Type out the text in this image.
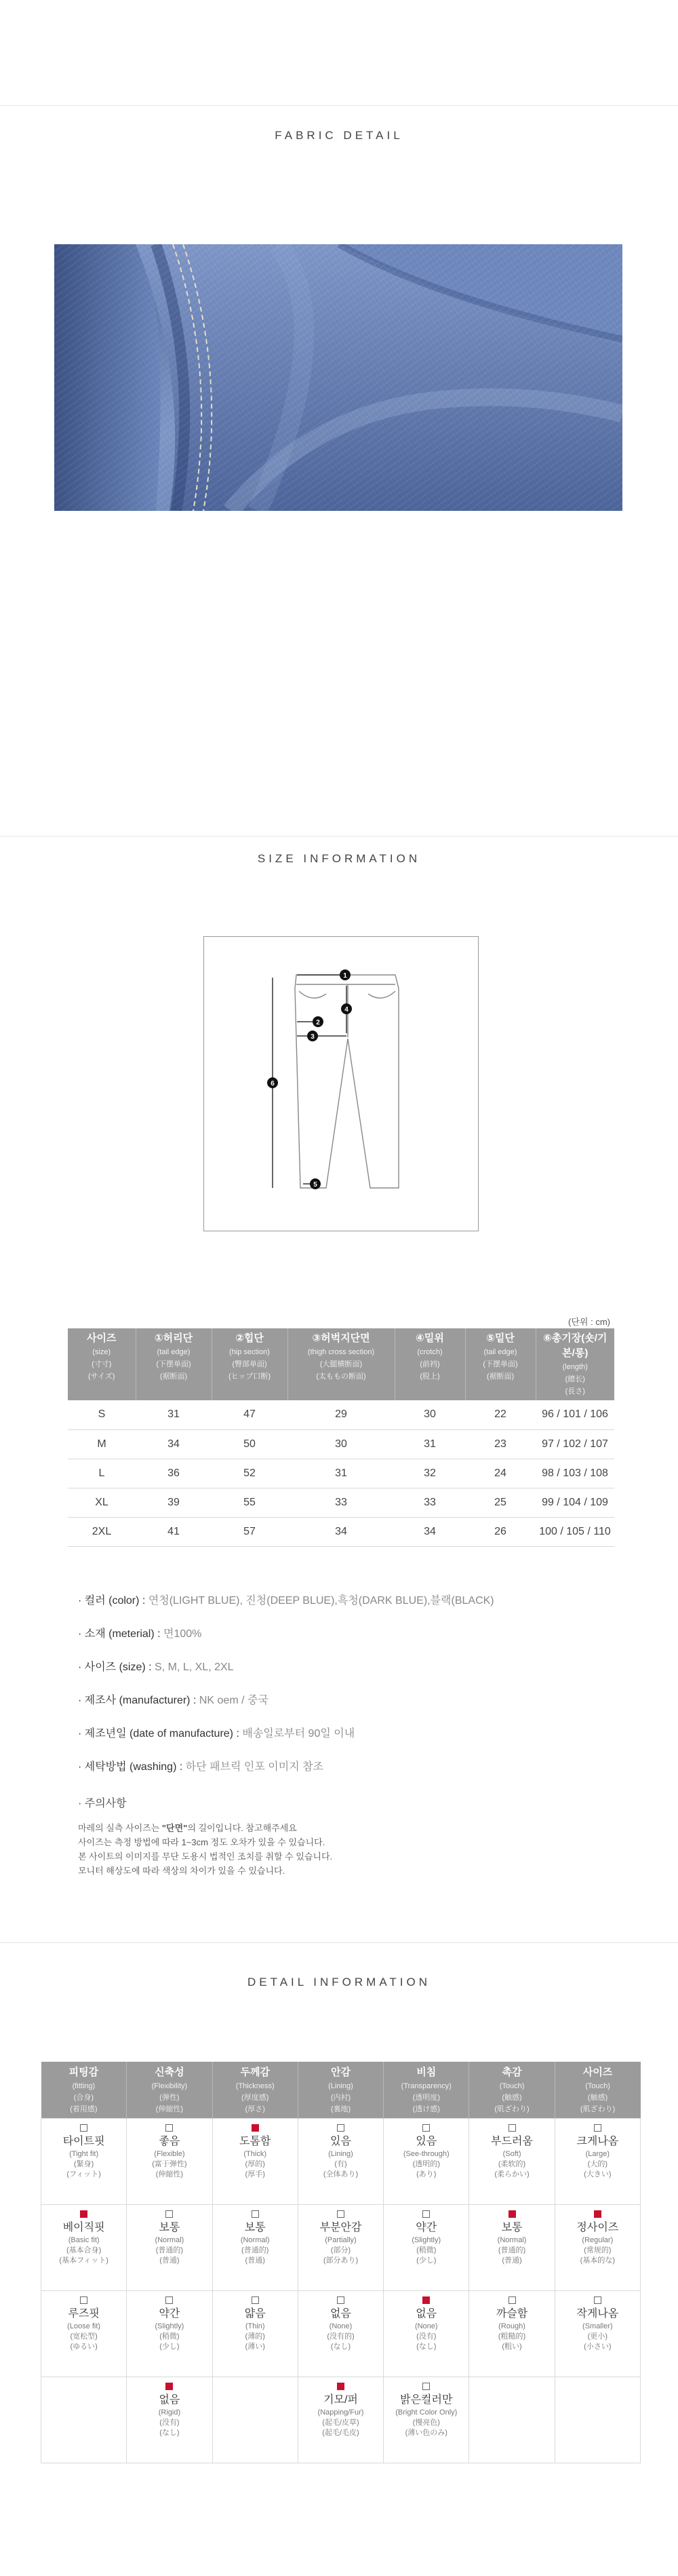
FABRIC DETAIL
SIZE INFORMATION
1
2
3
4
5
6
(단위 : cm)
사이즈
(size)
(寸寸)
(サイズ)	①허리단
(tail edge)
(下摆单面)
(裾断面)	②힙단
(hip section)
(臀部单面)
(ヒップ口断)	③허벅지단면
(thigh cross section)
(大腿横断面)
(太ももの断面)	④밑위
(crotch)
(前裆)
(股上)	⑤밑단
(tail edge)
(下摆单面)
(裾断面)	⑥총기장(숏/기본/롱)
(length)
(總长)
(長さ)

S	31	47	29	30	22	96 / 101 / 106
M	34	50	30	31	23	97 / 102 / 107
L	36	52	31	32	24	98 / 103 / 108
XL	39	55	33	33	25	99 / 104 / 109
2XL	41	57	34	34	26	100 / 105 / 110
· 컬러 (color) : 연청(LIGHT BLUE), 진청(DEEP BLUE),흑청(DARK BLUE),블랙(BLACK)
· 소재 (meterial) : 면100%
· 사이즈 (size) : S, M, L, XL, 2XL
· 제조사 (manufacturer) : NK oem / 중국
· 제조년일 (date of manufacture) : 배송일로부터 90일 이내
· 세탁방법 (washing) : 하단 패브릭 인포 이미지 참조
· 주의사항
마레의 실측 사이즈는 "단면"의 길이입니다. 참고해주세요
사이즈는 측정 방법에 따라 1~3cm 정도 오차가 있을 수 있습니다.
본 사이트의 이미지를 무단 도용시 법적인 조치를 취할 수 있습니다.
모니터 해상도에 따라 색상의 차이가 있을 수 있습니다.
DETAIL INFORMATION
피팅감
(fitting)
(合身)
(着用感)	신축성
(Flexibility)
(弹性)
(伸縮性)	두께감
(Thickness)
(厚度感)
(厚さ)	안감
(Lining)
(内衬)
(裏地)	비침
(Transparency)
(透明度)
(透け感)	촉감
(Touch)
(触感)
(肌ざわり)	사이즈
(Touch)
(触感)
(肌ざわり)

타이트핏
(Tight fit)
(緊身)
(フィット)	좋음
(Flexible)
(富于弹性)
(伸縮性)	도톰함
(Thick)
(厚的)
(厚手)	있음
(Lining)
(有)
(全体あり)	있음
(See-through)
(透明的)
(あり)	부드러움
(Soft)
(柔软的)
(柔らかい)	크게나옴
(Large)
(大的)
(大きい)

베이직핏
(Basic fit)
(基本合身)
(基本フィット)	보통
(Normal)
(普通的)
(普通)	보통
(Normal)
(普通的)
(普通)	부분안감
(Partially)
(部分)
(部分あり)	약간
(Slightly)
(稍微)
(少し)	보통
(Normal)
(普通的)
(普通)	정사이즈
(Regular)
(常规的)
(基本的な)

루즈핏
(Loose fit)
(宽松型)
(ゆるい)	약간
(Slightly)
(稍微)
(少し)	얇음
(Thin)
(薄的)
(薄い)	없음
(None)
(没有的)
(なし)	없음
(None)
(没有)
(なし)	까슬함
(Rough)
(粗糙的)
(粗い)	작게나옴
(Smaller)
(更小)
(小さい)

	없음
(Rigid)
(没有)
(なし)		기모/퍼
(Napping/Fur)
(起毛/皮草)
(起毛/毛皮)	밝은컬러만
(Bright Color Only)
(慢亮色)
(薄い色のみ)		
